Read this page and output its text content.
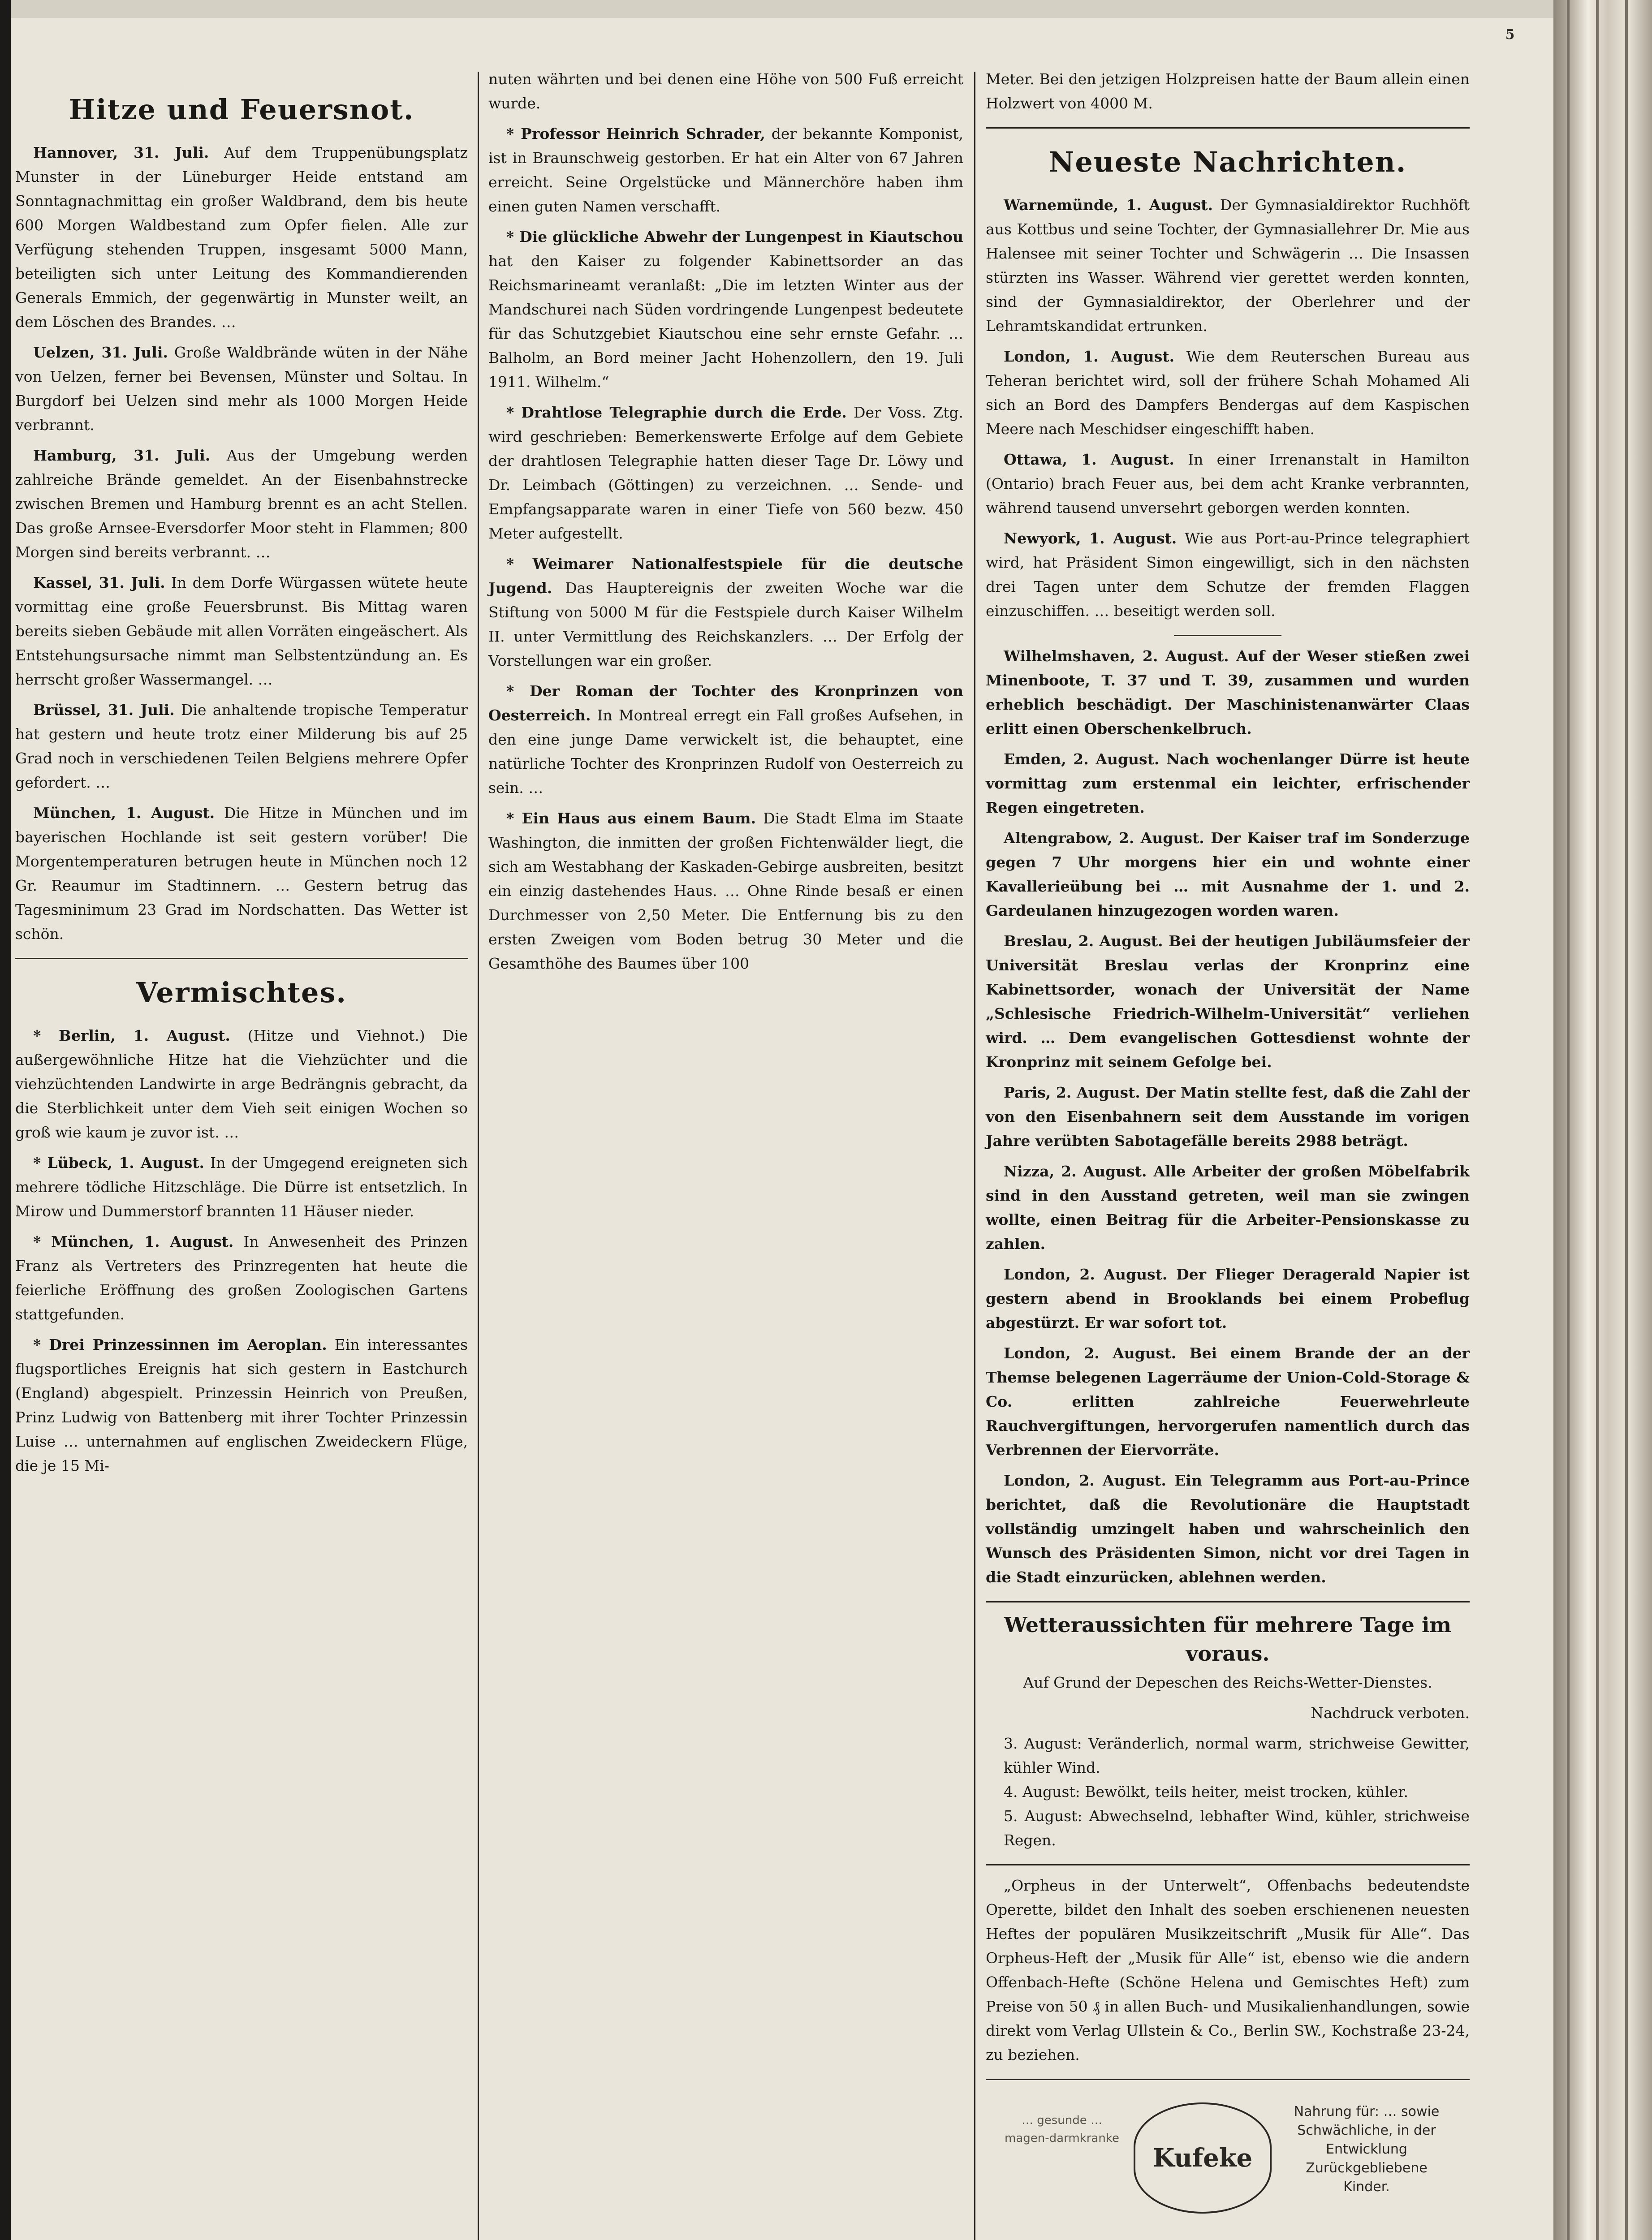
Hitze und Feuersnot.

Hannover, 31. Juli. Auf dem Truppenübungsplatz Munster in der Lüneburger Heide entstand am Sonntagnachmittag ein großer Waldbrand, dem bis heute 600 Morgen Waldbestand zum Opfer fielen. Alle zur Verfügung stehenden Truppen, insgesamt 5000 Mann, beteiligten sich unter Leitung des Kommandierenden Generals Emmich, der gegenwärtig in Munster weilt, an dem Löschen des Brandes. …

Uelzen, 31. Juli. Große Waldbrände wüten in der Nähe von Uelzen, ferner bei Bevensen, Münster und Soltau. In Burgdorf bei Uelzen sind mehr als 1000 Morgen Heide verbrannt.

Hamburg, 31. Juli. Aus der Umgebung werden zahlreiche Brände gemeldet. An der Eisenbahnstrecke zwischen Bremen und Hamburg brennt es an acht Stellen. Das große Arnsee-Eversdorfer Moor steht in Flammen; 800 Morgen sind bereits verbrannt. …

Kassel, 31. Juli. In dem Dorfe Würgassen wütete heute vormittag eine große Feuersbrunst. Bis Mittag waren bereits sieben Gebäude mit allen Vorräten eingeäschert. Als Entstehungsursache nimmt man Selbstentzündung an. Es herrscht großer Wassermangel. …

Brüssel, 31. Juli. Die anhaltende tropische Temperatur hat gestern und heute trotz einer Milderung bis auf 25 Grad noch in verschiedenen Teilen Belgiens mehrere Opfer gefordert. …

München, 1. August. Die Hitze in München und im bayerischen Hochlande ist seit gestern vorüber! Die Morgentemperaturen betrugen heute in München noch 12 Gr. Reaumur im Stadtinnern. … Gestern betrug das Tagesminimum 23 Grad im Nordschatten. Das Wetter ist schön.

Vermischtes.

* Berlin, 1. August. (Hitze und Viehnot.) Die außergewöhnliche Hitze hat die Viehzüchter und die viehzüchtenden Landwirte in arge Bedrängnis gebracht, da die Sterblichkeit unter dem Vieh seit einigen Wochen so groß wie kaum je zuvor ist. …

* Lübeck, 1. August. In der Umgegend ereigneten sich mehrere tödliche Hitzschläge. Die Dürre ist entsetzlich. In Mirow und Dummerstorf brannten 11 Häuser nieder.

* München, 1. August. In Anwesenheit des Prinzen Franz als Vertreters des Prinzregenten hat heute die feierliche Eröffnung des großen Zoologischen Gartens stattgefunden.

* Drei Prinzessinnen im Aeroplan. Ein interessantes flugsportliches Ereignis hat sich gestern in Eastchurch (England) abgespielt. Prinzessin Heinrich von Preußen, Prinz Ludwig von Battenberg mit ihrer Tochter Prinzessin Luise … unternahmen auf englischen Zweideckern Flüge, die je 15 Mi-

nuten währten und bei denen eine Höhe von 500 Fuß erreicht wurde.

* Professor Heinrich Schrader, der bekannte Komponist, ist in Braunschweig gestorben. Er hat ein Alter von 67 Jahren erreicht. Seine Orgelstücke und Männerchöre haben ihm einen guten Namen verschafft.

* Die glückliche Abwehr der Lungenpest in Kiautschou hat den Kaiser zu folgender Kabinettsorder an das Reichsmarineamt veranlaßt: „Die im letzten Winter aus der Mandschurei nach Süden vordringende Lungenpest bedeutete für das Schutzgebiet Kiautschou eine sehr ernste Gefahr. … Balholm, an Bord meiner Jacht Hohenzollern, den 19. Juli 1911. Wilhelm.“

* Drahtlose Telegraphie durch die Erde. Der Voss. Ztg. wird geschrieben: Bemerkenswerte Erfolge auf dem Gebiete der drahtlosen Telegraphie hatten dieser Tage Dr. Löwy und Dr. Leimbach (Göttingen) zu verzeichnen. … Sende- und Empfangsapparate waren in einer Tiefe von 560 bezw. 450 Meter aufgestellt.

* Weimarer Nationalfestspiele für die deutsche Jugend. Das Hauptereignis der zweiten Woche war die Stiftung von 5000 M für die Festspiele durch Kaiser Wilhelm II. unter Vermittlung des Reichskanzlers. … Der Erfolg der Vorstellungen war ein großer.

* Der Roman der Tochter des Kronprinzen von Oesterreich. In Montreal erregt ein Fall großes Aufsehen, in den eine junge Dame verwickelt ist, die behauptet, eine natürliche Tochter des Kronprinzen Rudolf von Oesterreich zu sein. …

* Ein Haus aus einem Baum. Die Stadt Elma im Staate Washington, die inmitten der großen Fichtenwälder liegt, die sich am Westabhang der Kaskaden-Gebirge ausbreiten, besitzt ein einzig dastehendes Haus. … Ohne Rinde besaß er einen Durchmesser von 2,50 Meter. Die Entfernung bis zu den ersten Zweigen vom Boden betrug 30 Meter und die Gesamthöhe des Baumes über 100

Meter. Bei den jetzigen Holzpreisen hatte der Baum allein einen Holzwert von 4000 M.

Neueste Nachrichten.

Warnemünde, 1. August. Der Gymnasialdirektor Ruchhöft aus Kottbus und seine Tochter, der Gymnasiallehrer Dr. Mie aus Halensee mit seiner Tochter und Schwägerin … Die Insassen stürzten ins Wasser. Während vier gerettet werden konnten, sind der Gymnasialdirektor, der Oberlehrer und der Lehramtskandidat ertrunken.

London, 1. August. Wie dem Reuterschen Bureau aus Teheran berichtet wird, soll der frühere Schah Mohamed Ali sich an Bord des Dampfers Bendergas auf dem Kaspischen Meere nach Meschidser eingeschifft haben.

Ottawa, 1. August. In einer Irrenanstalt in Hamilton (Ontario) brach Feuer aus, bei dem acht Kranke verbrannten, während tausend unversehrt geborgen werden konnten.

Newyork, 1. August. Wie aus Port-au-Prince telegraphiert wird, hat Präsident Simon eingewilligt, sich in den nächsten drei Tagen unter dem Schutze der fremden Flaggen einzuschiffen. … beseitigt werden soll.

Wilhelmshaven, 2. August. Auf der Weser stießen zwei Minenboote, T. 37 und T. 39, zusammen und wurden erheblich beschädigt. Der Maschinistenanwärter Claas erlitt einen Oberschenkelbruch.

Emden, 2. August. Nach wochenlanger Dürre ist heute vormittag zum erstenmal ein leichter, erfrischender Regen eingetreten.

Altengrabow, 2. August. Der Kaiser traf im Sonderzuge gegen 7 Uhr morgens hier ein und wohnte einer Kavallerieübung bei … mit Ausnahme der 1. und 2. Gardeulanen hinzugezogen worden waren.

Breslau, 2. August. Bei der heutigen Jubiläumsfeier der Universität Breslau verlas der Kronprinz eine Kabinettsorder, wonach der Universität der Name „Schlesische Friedrich-Wilhelm-Universität“ verliehen wird. … Dem evangelischen Gottesdienst wohnte der Kronprinz mit seinem Gefolge bei.

Paris, 2. August. Der Matin stellte fest, daß die Zahl der von den Eisenbahnern seit dem Ausstande im vorigen Jahre verübten Sabotagefälle bereits 2988 beträgt.

Nizza, 2. August. Alle Arbeiter der großen Möbelfabrik sind in den Ausstand getreten, weil man sie zwingen wollte, einen Beitrag für die Arbeiter-Pensionskasse zu zahlen.

London, 2. August. Der Flieger Deragerald Napier ist gestern abend in Brooklands bei einem Probeflug abgestürzt. Er war sofort tot.

London, 2. August. Bei einem Brande der an der Themse belegenen Lagerräume der Union-Cold-Storage & Co. erlitten zahlreiche Feuerwehrleute Rauchvergiftungen, hervorgerufen namentlich durch das Verbrennen der Eiervorräte.

London, 2. August. Ein Telegramm aus Port-au-Prince berichtet, daß die Revolutionäre die Hauptstadt vollständig umzingelt haben und wahrscheinlich den Wunsch des Präsidenten Simon, nicht vor drei Tagen in die Stadt einzurücken, ablehnen werden.

Wetteraussichten für mehrere Tage im voraus.

Auf Grund der Depeschen des Reichs-Wetter-Dienstes.

Nachdruck verboten.

3. August: Veränderlich, normal warm, strichweise Gewitter, kühler Wind.
4. August: Bewölkt, teils heiter, meist trocken, kühler.
5. August: Abwechselnd, lebhafter Wind, kühler, strichweise Regen.

„Orpheus in der Unterwelt“, Offenbachs bedeutendste Operette, bildet den Inhalt des soeben erschienenen neuesten Heftes der populären Musikzeitschrift „Musik für Alle“. Das Orpheus-Heft der „Musik für Alle“ ist, ebenso wie die andern Offenbach-Hefte (Schöne Helena und Gemischtes Heft) zum Preise von 50 ₰ in allen Buch- und Musikalienhandlungen, sowie direkt vom Verlag Ullstein & Co., Berlin SW., Kochstraße 23-24, zu beziehen.

… gesunde … magen-darmkranke
Kufeke
Nahrung für: … sowie Schwächliche, in der Entwicklung Zurückgebliebene Kinder.
5
